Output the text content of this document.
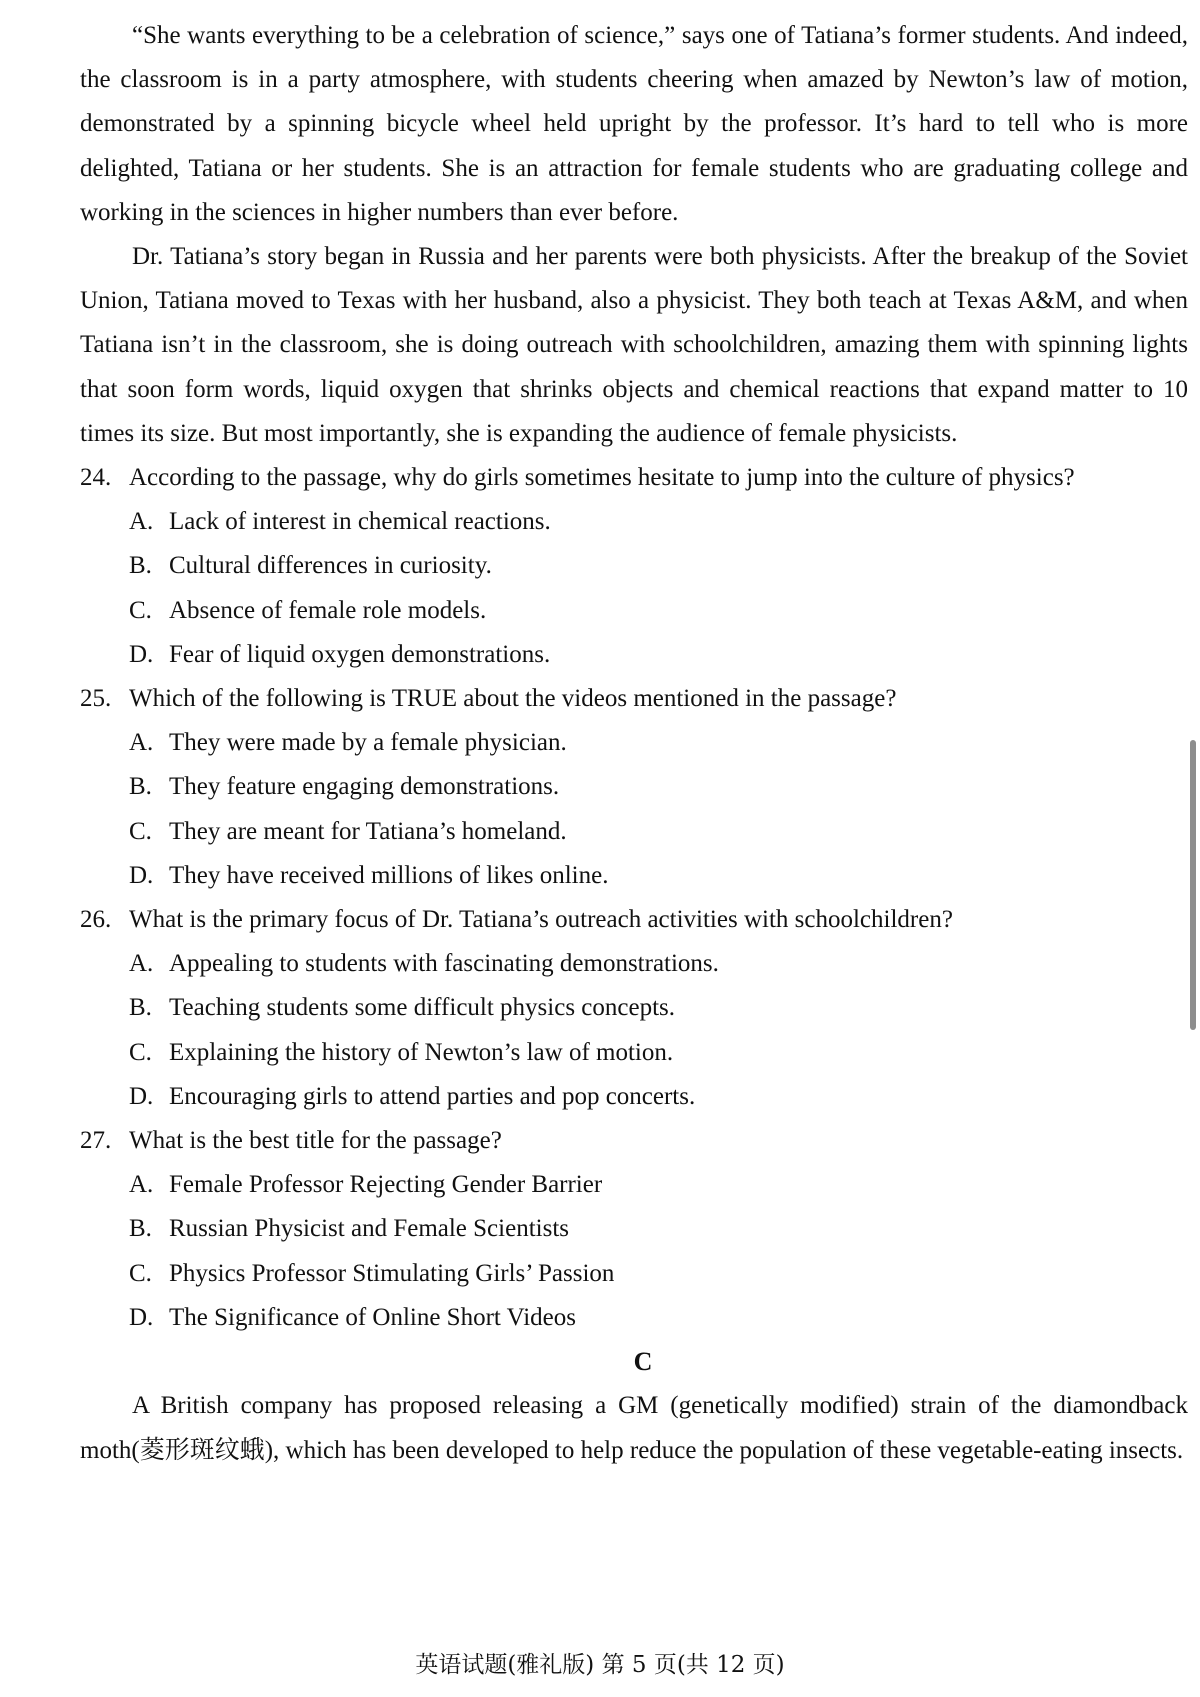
“She wants everything to be a celebration of science,” says one of Tatiana’s former students. And indeed, the classroom is in a party atmosphere, with students cheering when amazed by Newton’s law of motion, demonstrated by a spinning bicycle wheel held upright by the professor. It’s hard to tell who is more delighted, Tatiana or her students. She is an attraction for female students who are graduating college and working in the sciences in higher numbers than ever before.

Dr. Tatiana’s story began in Russia and her parents were both physicists. After the breakup of the Soviet Union, Tatiana moved to Texas with her husband, also a physicist. They both teach at Texas A&M, and when Tatiana isn’t in the classroom, she is doing outreach with schoolchildren, amazing them with spinning lights that soon form words, liquid oxygen that shrinks objects and chemical reactions that expand matter to 10 times its size. But most importantly, she is expanding the audience of female physicists.

24. According to the passage, why do girls sometimes hesitate to jump into the culture of physics?

A. Lack of interest in chemical reactions.
B. Cultural differences in curiosity.
C. Absence of female role models.
D. Fear of liquid oxygen demonstrations.

25. Which of the following is TRUE about the videos mentioned in the passage?

A. They were made by a female physician.
B. They feature engaging demonstrations.
C. They are meant for Tatiana’s homeland.
D. They have received millions of likes online.

26. What is the primary focus of Dr. Tatiana’s outreach activities with schoolchildren?

A. Appealing to students with fascinating demonstrations.
B. Teaching students some difficult physics concepts.
C. Explaining the history of Newton’s law of motion.
D. Encouraging girls to attend parties and pop concerts.

27. What is the best title for the passage?

A. Female Professor Rejecting Gender Barrier
B. Russian Physicist and Female Scientists
C. Physics Professor Stimulating Girls’ Passion
D. The Significance of Online Short Videos

C

A British company has proposed releasing a GM (genetically modified) strain of the diamondback moth(菱形斑纹蛾), which has been developed to help reduce the population of these vegetable-eating insects.

英语试题(雅礼版) 第 5 页(共 12 页)
